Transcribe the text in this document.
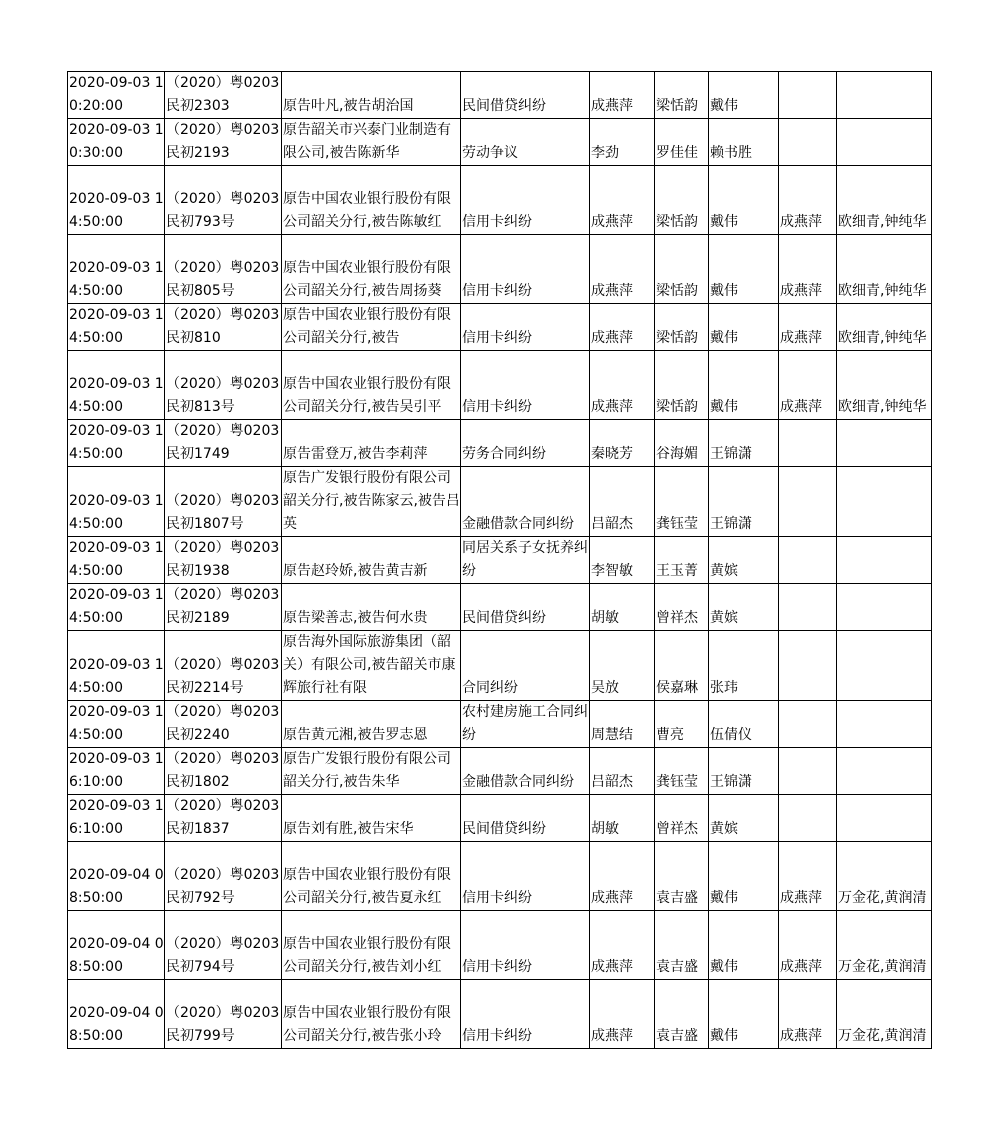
2020-09-03 10:20:00	（2020）粤0203民初2303	原告叶凡,被告胡治国	民间借贷纠纷	成燕萍	梁恬韵	戴伟		
2020-09-03 10:30:00	（2020）粤0203民初2193	原告韶关市兴泰门业制造有限公司,被告陈新华	劳动争议	李劲	罗佳佳	赖书胜		
2020-09-03 14:50:00	（2020）粤0203民初793号	原告中国农业银行股份有限公司韶关分行,被告陈敏红	信用卡纠纷	成燕萍	梁恬韵	戴伟	成燕萍	欧细青,钟纯华
2020-09-03 14:50:00	（2020）粤0203民初805号	原告中国农业银行股份有限公司韶关分行,被告周扬葵	信用卡纠纷	成燕萍	梁恬韵	戴伟	成燕萍	欧细青,钟纯华
2020-09-03 14:50:00	（2020）粤0203民初810	原告中国农业银行股份有限公司韶关分行,被告	信用卡纠纷	成燕萍	梁恬韵	戴伟	成燕萍	欧细青,钟纯华
2020-09-03 14:50:00	（2020）粤0203民初813号	原告中国农业银行股份有限公司韶关分行,被告吴引平	信用卡纠纷	成燕萍	梁恬韵	戴伟	成燕萍	欧细青,钟纯华
2020-09-03 14:50:00	（2020）粤0203民初1749	原告雷登万,被告李莉萍	劳务合同纠纷	秦晓芳	谷海媚	王锦潇		
2020-09-03 14:50:00	（2020）粤0203民初1807号	原告广发银行股份有限公司韶关分行,被告陈家云,被告吕英	金融借款合同纠纷	吕韶杰	龚钰莹	王锦潇		
2020-09-03 14:50:00	（2020）粤0203民初1938	原告赵玲娇,被告黄吉新	同居关系子女抚养纠纷	李智敏	王玉菁	黄嫔		
2020-09-03 14:50:00	（2020）粤0203民初2189	原告梁善志,被告何水贵	民间借贷纠纷	胡敏	曾祥杰	黄嫔		
2020-09-03 14:50:00	（2020）粤0203民初2214号	原告海外国际旅游集团（韶关）有限公司,被告韶关市康辉旅行社有限	合同纠纷	吴放	侯嘉琳	张玮		
2020-09-03 14:50:00	（2020）粤0203民初2240	原告黄元湘,被告罗志恩	农村建房施工合同纠纷	周慧结	曹亮	伍倩仪		
2020-09-03 16:10:00	（2020）粤0203民初1802	原告广发银行股份有限公司韶关分行,被告朱华	金融借款合同纠纷	吕韶杰	龚钰莹	王锦潇		
2020-09-03 16:10:00	（2020）粤0203民初1837	原告刘有胜,被告宋华	民间借贷纠纷	胡敏	曾祥杰	黄嫔		
2020-09-04 08:50:00	（2020）粤0203民初792号	原告中国农业银行股份有限公司韶关分行,被告夏永红	信用卡纠纷	成燕萍	袁吉盛	戴伟	成燕萍	万金花,黄润清
2020-09-04 08:50:00	（2020）粤0203民初794号	原告中国农业银行股份有限公司韶关分行,被告刘小红	信用卡纠纷	成燕萍	袁吉盛	戴伟	成燕萍	万金花,黄润清
2020-09-04 08:50:00	（2020）粤0203民初799号	原告中国农业银行股份有限公司韶关分行,被告张小玲	信用卡纠纷	成燕萍	袁吉盛	戴伟	成燕萍	万金花,黄润清
